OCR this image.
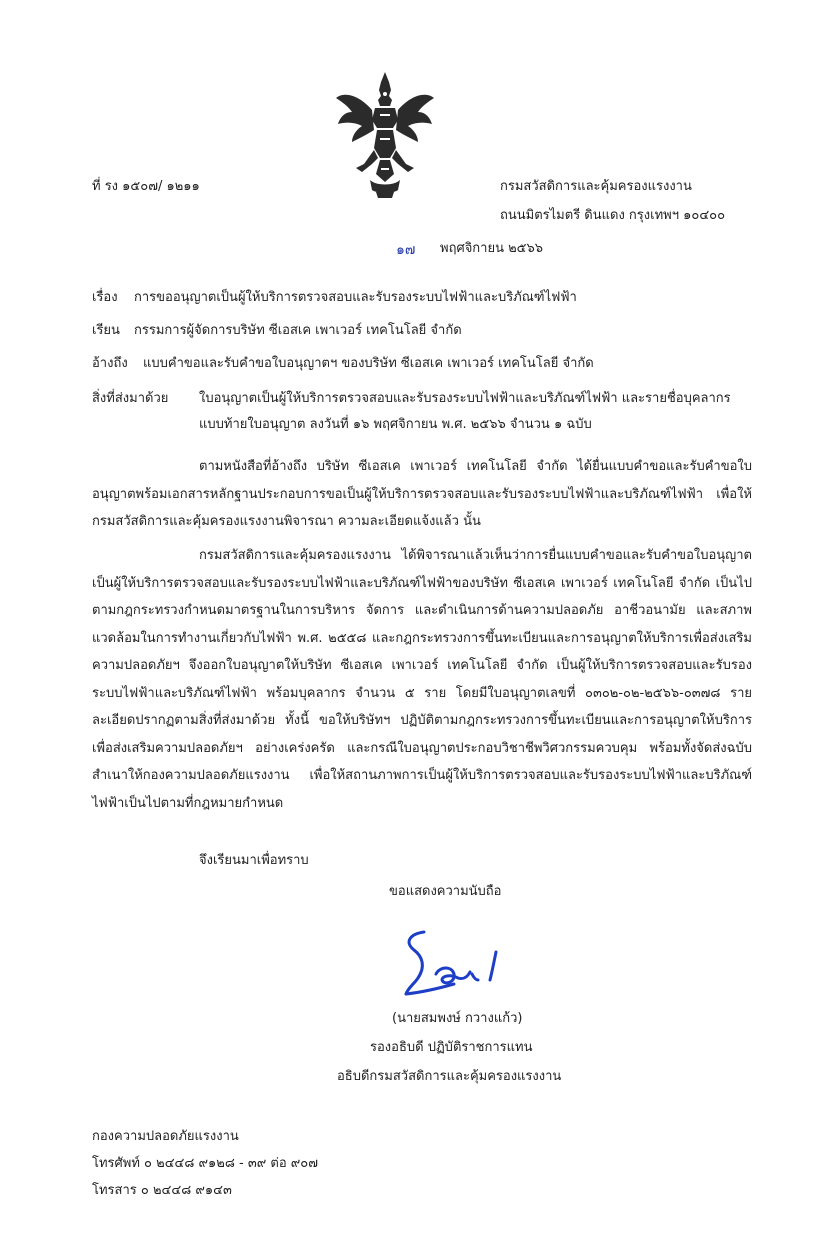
ที่ รง ๑๕๐๗/ ๑๒๑๑	กรมสวัสดิการและคุ้มครองแรงงาน
ถนนมิตรไมตรี ดินแดง กรุงเทพฯ ๑๐๔๐๐
๑๗ พฤศจิกายน ๒๕๖๖
เรื่อง การขออนุญาตเป็นผู้ให้บริการตรวจสอบและรับรองระบบไฟฟ้าและบริภัณฑ์ไฟฟ้า
เรียน กรรมการผู้จัดการบริษัท ซีเอสเค เพาเวอร์ เทคโนโลยี จำกัด
อ้างถึง แบบคำขอและรับคำขอใบอนุญาตฯ ของบริษัท ซีเอสเค เพาเวอร์ เทคโนโลยี จำกัด
สิ่งที่ส่งมาด้วย ใบอนุญาตเป็นผู้ให้บริการตรวจสอบและรับรองระบบไฟฟ้าและบริภัณฑ์ไฟฟ้า และรายชื่อบุคลากร
แบบท้ายใบอนุญาต ลงวันที่ ๑๖ พฤศจิกายน พ.ศ. ๒๕๖๖ จำนวน ๑ ฉบับ
ตามหนังสือที่อ้างถึง บริษัท ซีเอสเค เพาเวอร์ เทคโนโลยี จำกัด ได้ยื่นแบบคำขอและรับคำขอใบอนุญาตพร้อมเอกสารหลักฐานประกอบการขอเป็นผู้ให้บริการตรวจสอบและรับรองระบบไฟฟ้าและบริภัณฑ์ไฟฟ้า เพื่อให้กรมสวัสดิการและคุ้มครองแรงงานพิจารณา ความละเอียดแจ้งแล้ว นั้น
กรมสวัสดิการและคุ้มครองแรงงาน ได้พิจารณาแล้วเห็นว่าการยื่นแบบคำขอและรับคำขอใบอนุญาตเป็นผู้ให้บริการตรวจสอบและรับรองระบบไฟฟ้าและบริภัณฑ์ไฟฟ้าของบริษัท ซีเอสเค เพาเวอร์ เทคโนโลยี จำกัด เป็นไปตามกฎกระทรวงกำหนดมาตรฐานในการบริหาร จัดการ และดำเนินการด้านความปลอดภัย อาชีวอนามัย และสภาพแวดล้อมในการทำงานเกี่ยวกับไฟฟ้า พ.ศ. ๒๕๕๘ และกฎกระทรวงการขึ้นทะเบียนและการอนุญาตให้บริการเพื่อส่งเสริมความปลอดภัยฯ จึงออกใบอนุญาตให้บริษัท ซีเอสเค เพาเวอร์ เทคโนโลยี จำกัด เป็นผู้ให้บริการตรวจสอบและรับรองระบบไฟฟ้าและบริภัณฑ์ไฟฟ้า พร้อมบุคลากร จำนวน ๕ ราย โดยมีใบอนุญาตเลขที่ ๐๓๐๒-๐๒-๒๕๖๖-๐๓๗๘ รายละเอียดปรากฏตามสิ่งที่ส่งมาด้วย ทั้งนี้ ขอให้บริษัทฯ ปฏิบัติตามกฎกระทรวงการขึ้นทะเบียนและการอนุญาตให้บริการเพื่อส่งเสริมความปลอดภัยฯ อย่างเคร่งครัด และกรณีใบอนุญาตประกอบวิชาชีพวิศวกรรมควบคุม พร้อมทั้งจัดส่งฉบับสำเนาให้กองความปลอดภัยแรงงาน เพื่อให้สถานภาพการเป็นผู้ให้บริการตรวจสอบและรับรองระบบไฟฟ้าและบริภัณฑ์ไฟฟ้าเป็นไปตามที่กฎหมายกำหนด
จึงเรียนมาเพื่อทราบ
ขอแสดงความนับถือ
(นายสมพงษ์ กวางแก้ว)
รองอธิบดี ปฏิบัติราชการแทน
อธิบดีกรมสวัสดิการและคุ้มครองแรงงาน
กองความปลอดภัยแรงงาน
โทรศัพท์ ๐ ๒๔๔๘ ๙๑๒๘ - ๓๙ ต่อ ๙๐๗
โทรสาร ๐ ๒๔๔๘ ๙๑๔๓
